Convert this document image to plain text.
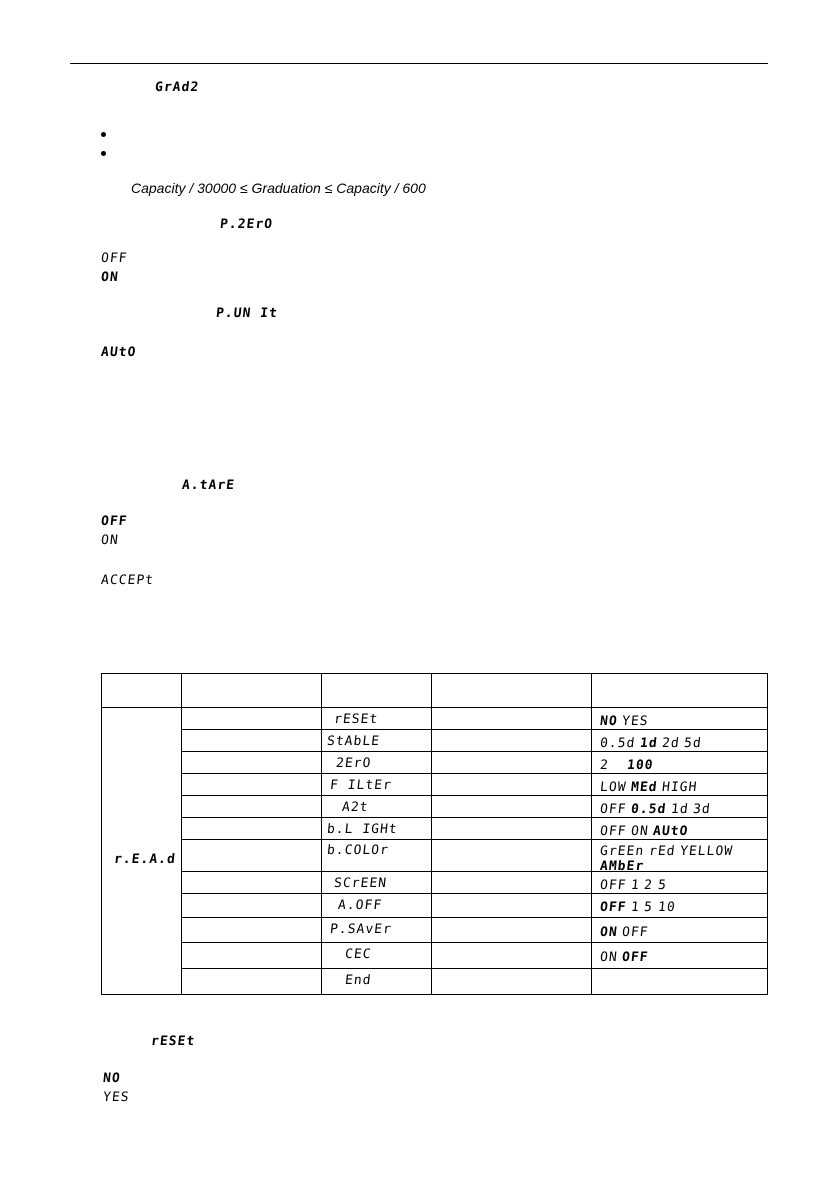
GrAd2
Capacity / 30000 ≤ Graduation ≤ Capacity / 600
P.2ErO
OFF
ON
P.UN It
AUtO
A.tArE
OFF
ON
ACCEPt
r.E.A.d
rESEt
StAbLE
2ErO
F ILtEr
A2t
b.L IGHt
b.COLOr
SCrEEN
A.OFF
P.SAvEr
CEC
End
NO YES
0.5d 1d 2d 5d
2 100
LOW MEd HIGH
OFF 0.5d 1d 3d
OFF ON AUtO
GrEEn rEd YELLOW
AMbEr
OFF 1 2 5
OFF 1 5 10
ON OFF
ON OFF
rESEt
NO
YES
